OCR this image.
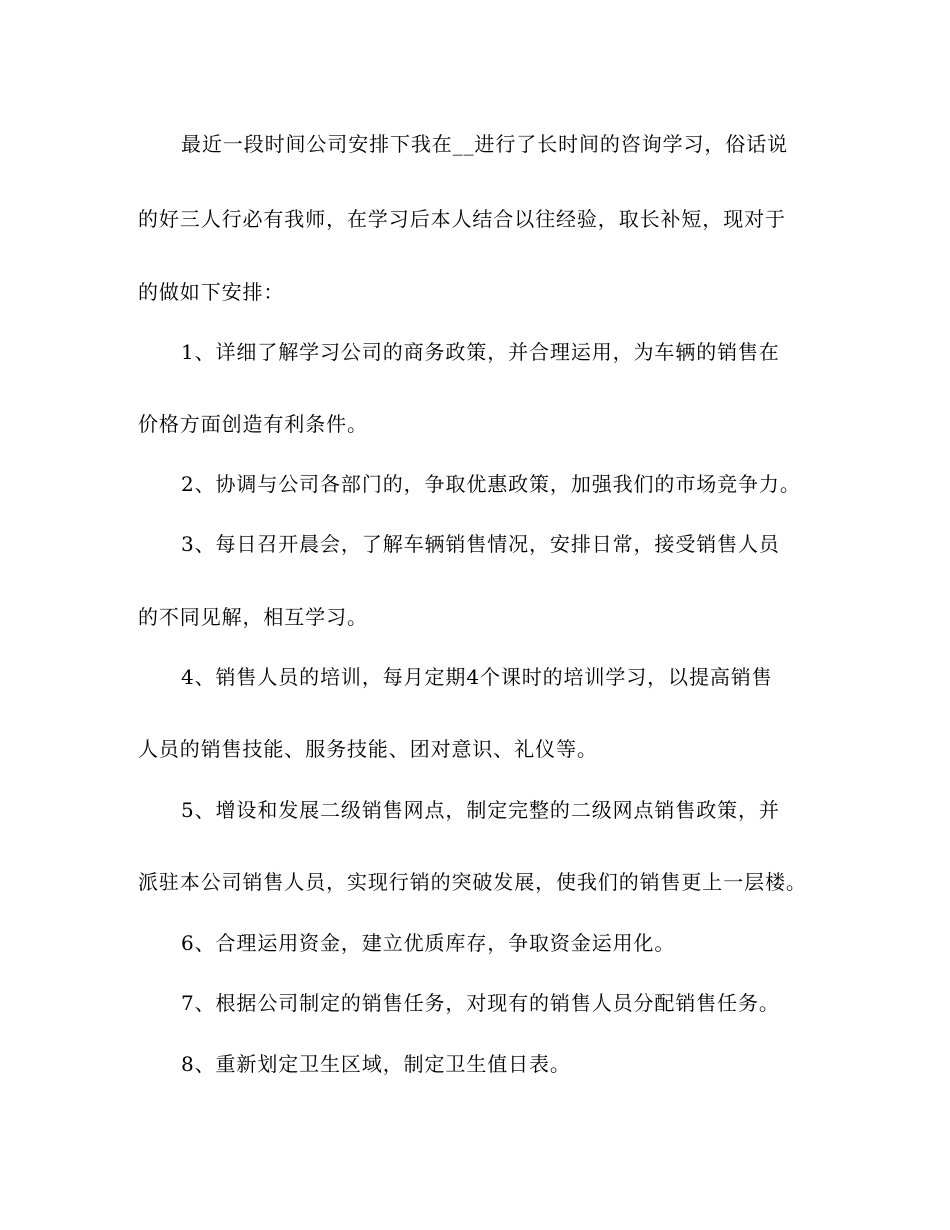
最近一段时间公司安排下我在__进行了长时间的咨询学习，俗话说
的好三人行必有我师，在学习后本人结合以往经验，取长补短，现对于
的做如下安排：
1、详细了解学习公司的商务政策，并合理运用，为车辆的销售在
价格方面创造有利条件。
2、协调与公司各部门的，争取优惠政策，加强我们的市场竞争力。
3、每日召开晨会，了解车辆销售情况，安排日常，接受销售人员
的不同见解，相互学习。
4、销售人员的培训，每月定期4个课时的培训学习，以提高销售
人员的销售技能、服务技能、团对意识、礼仪等。
5、增设和发展二级销售网点，制定完整的二级网点销售政策，并
派驻本公司销售人员，实现行销的突破发展，使我们的销售更上一层楼。
6、合理运用资金，建立优质库存，争取资金运用化。
7、根据公司制定的销售任务，对现有的销售人员分配销售任务。
8、重新划定卫生区域，制定卫生值日表。
